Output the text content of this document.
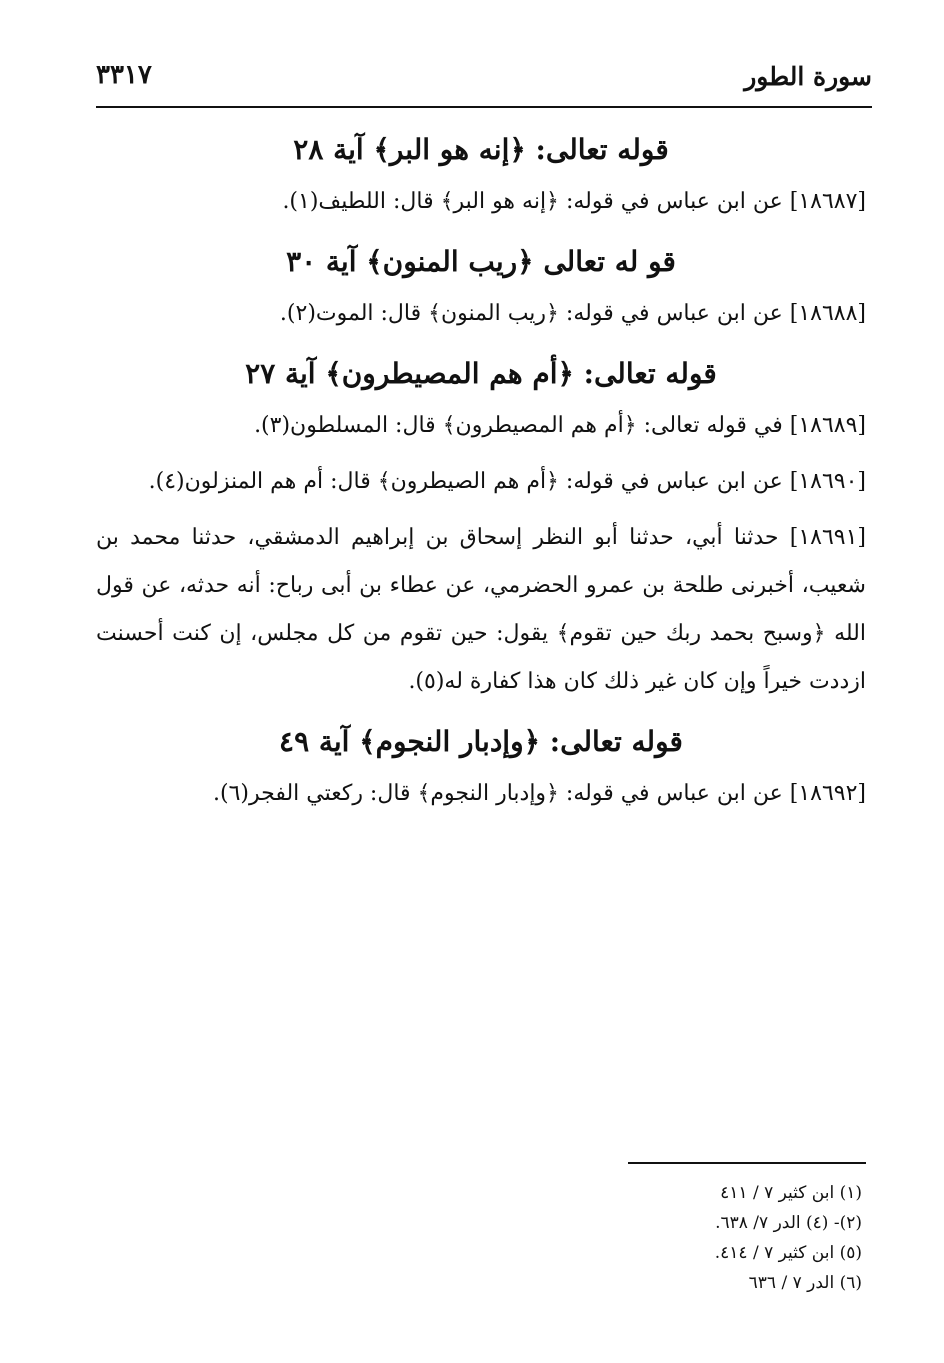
سورة الطور
٣٣١٧
قوله تعالى: ﴿إنه هو البر﴾ آية ٢٨

[١٨٦٨٧] عن ابن عباس في قوله: ﴿إنه هو البر﴾ قال: اللطيف(١).

قو له تعالى ﴿ريب المنون﴾ آية ٣٠

[١٨٦٨٨] عن ابن عباس في قوله: ﴿ريب المنون﴾ قال: الموت(٢).

قوله تعالى: ﴿أم هم المصيطرون﴾ آية ٢٧

[١٨٦٨٩] في قوله تعالى: ﴿أم هم المصيطرون﴾ قال: المسلطون(٣).

[١٨٦٩٠] عن ابن عباس في قوله: ﴿أم هم الصيطرون﴾ قال: أم هم المنزلون(٤).

[١٨٦٩١] حدثنا أبي، حدثنا أبو النظر إسحاق بن إبراهيم الدمشقي، حدثنا محمد بن شعيب، أخبرنى طلحة بن عمرو الحضرمي، عن عطاء بن أبى رباح: أنه حدثه، عن قول الله ﴿وسبح بحمد ربك حين تقوم﴾ يقول: حين تقوم من كل مجلس، إن كنت أحسنت ازددت خيراً وإن كان غير ذلك كان هذا كفارة له(٥).

قوله تعالى: ﴿وإدبار النجوم﴾ آية ٤٩

[١٨٦٩٢] عن ابن عباس في قوله: ﴿وإدبار النجوم﴾ قال: ركعتي الفجر(٦).

(١) ابن كثير ٧ / ٤١١

(٢)- (٤) الدر ٧/ ٦٣٨.

(٥) ابن كثير ٧ / ٤١٤.

(٦) الدر ٧ / ٦٣٦
